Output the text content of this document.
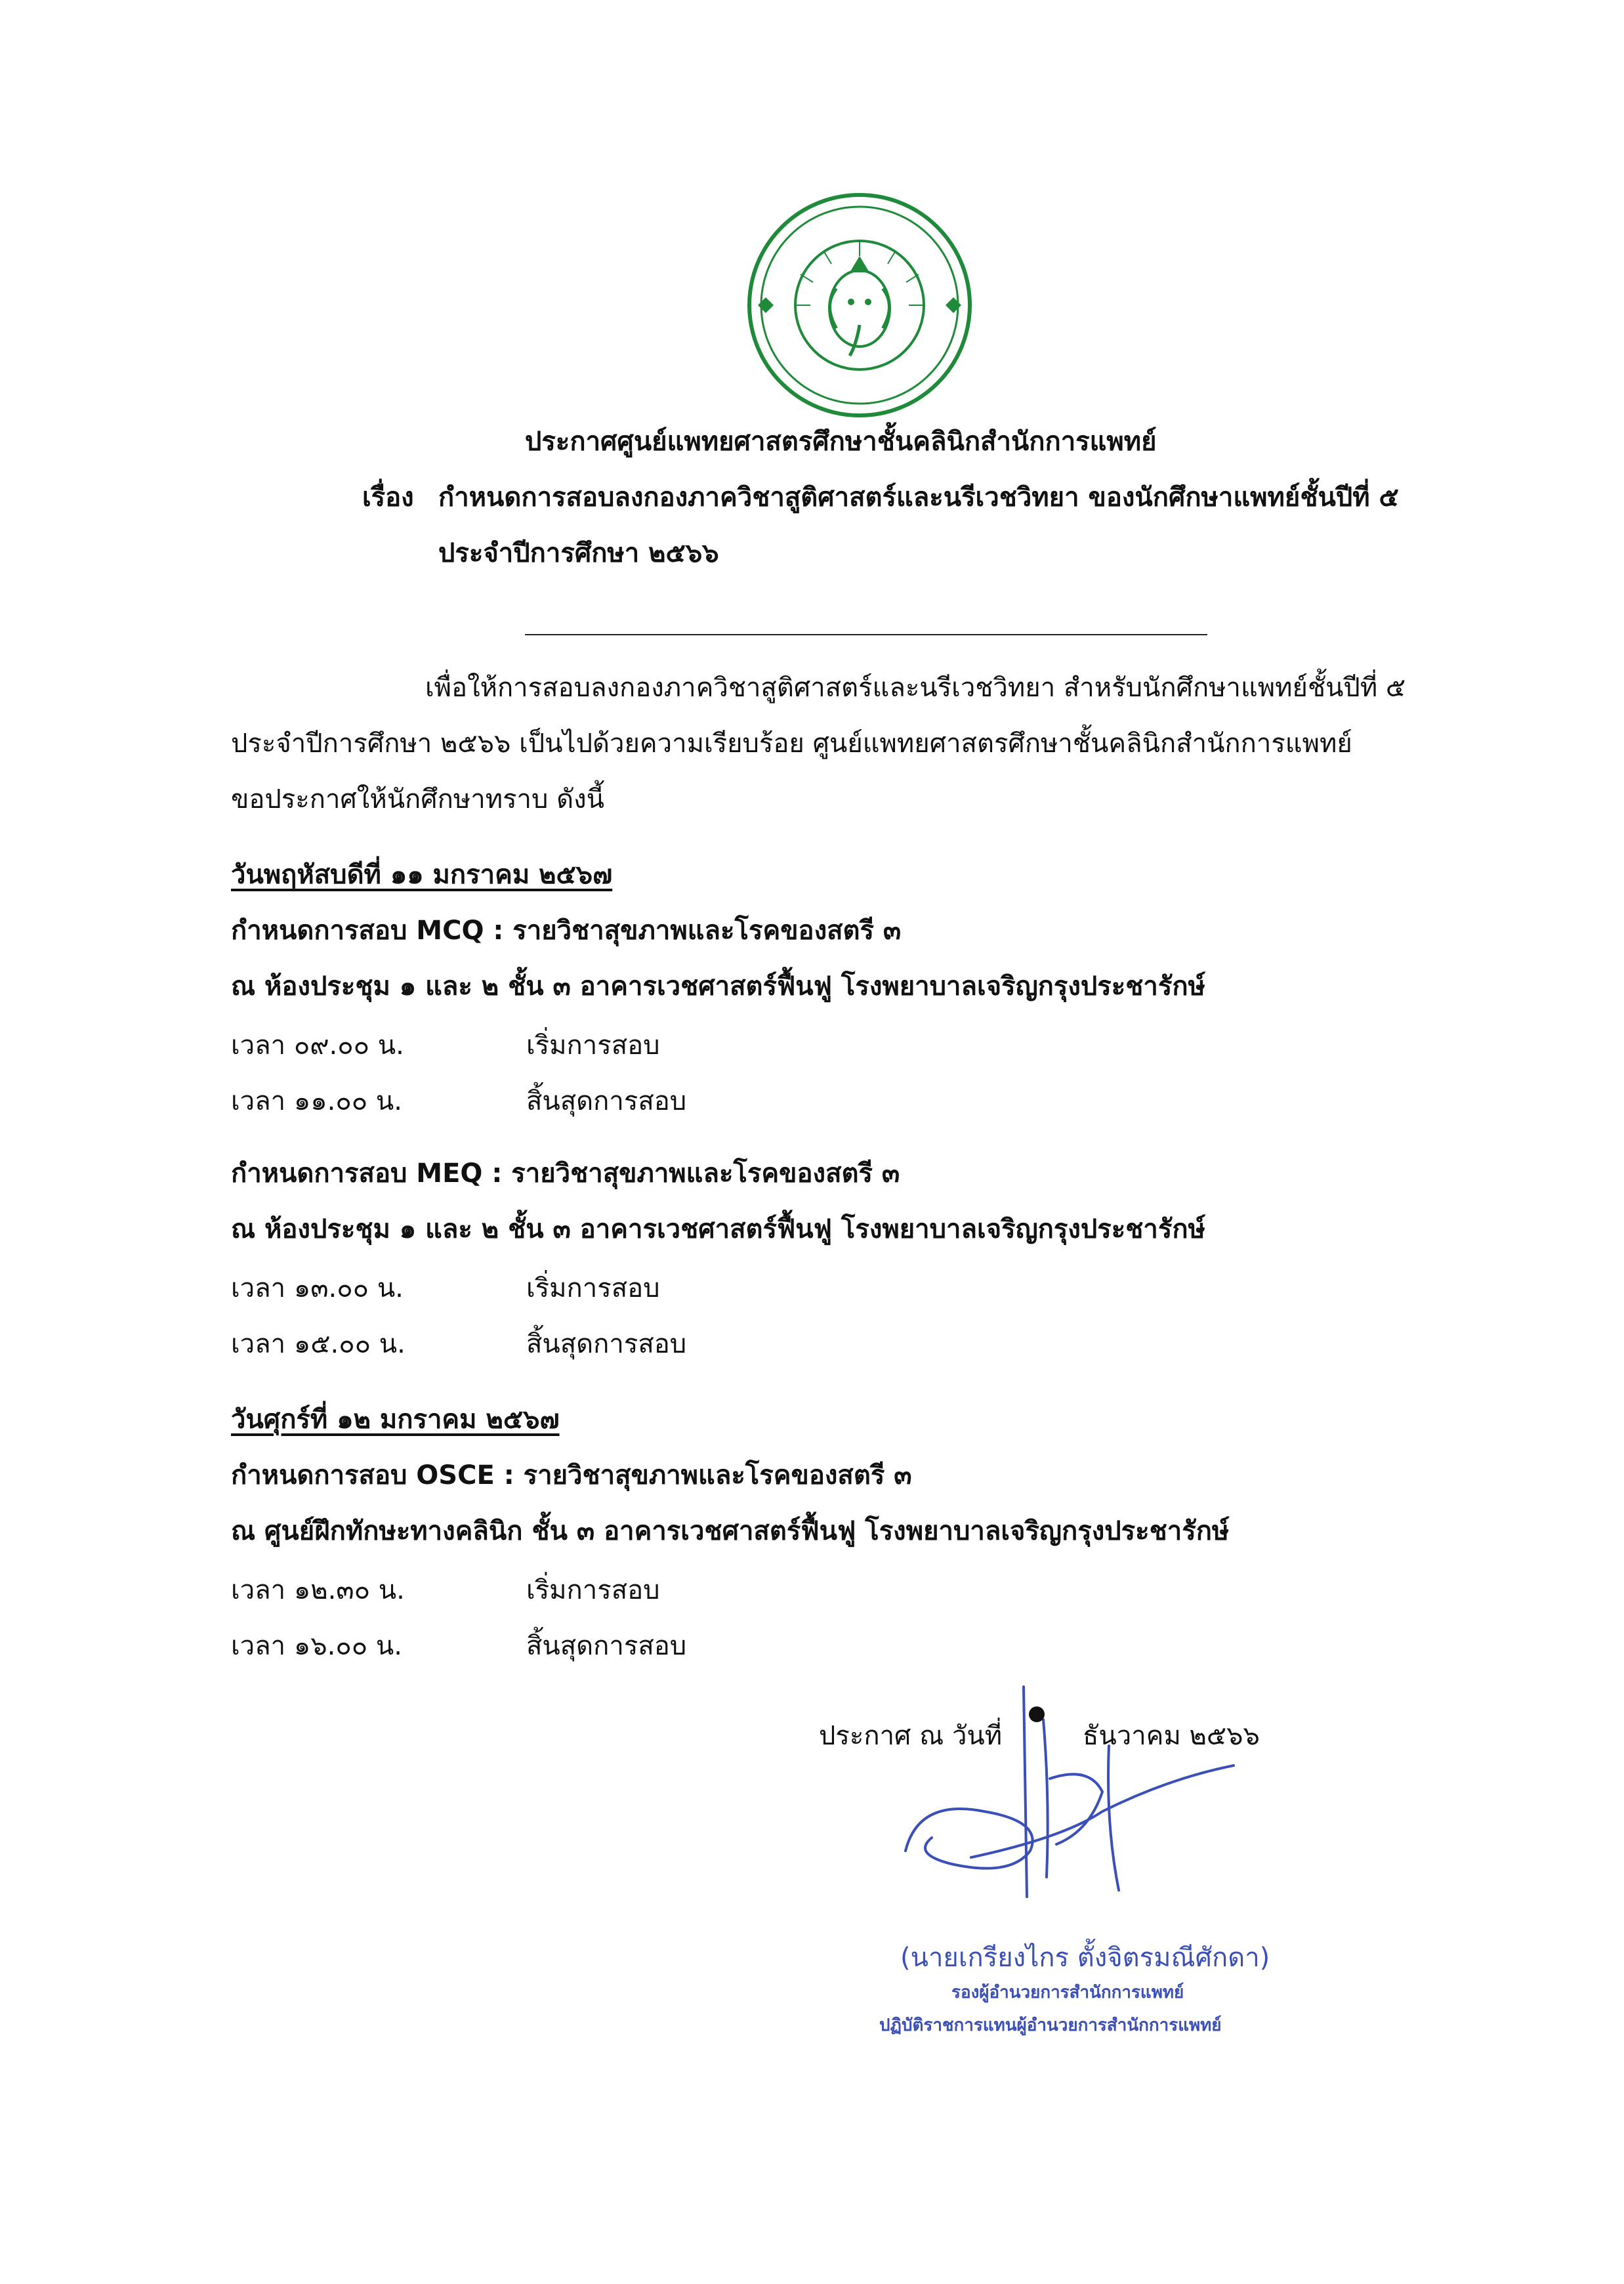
ประกาศศูนย์แพทยศาสตรศึกษาชั้นคลินิกสำนักการแพทย์
เรื่อง กำหนดการสอบลงกองภาควิชาสูติศาสตร์และนรีเวชวิทยา ของนักศึกษาแพทย์ชั้นปีที่ ๕
ประจำปีการศึกษา ๒๕๖๖
เพื่อให้การสอบลงกองภาควิชาสูติศาสตร์และนรีเวชวิทยา สำหรับนักศึกษาแพทย์ชั้นปีที่ ๕
ประจำปีการศึกษา ๒๕๖๖ เป็นไปด้วยความเรียบร้อย ศูนย์แพทยศาสตรศึกษาชั้นคลินิกสำนักการแพทย์
ขอประกาศให้นักศึกษาทราบ ดังนี้
วันพฤหัสบดีที่ ๑๑ มกราคม ๒๕๖๗
กำหนดการสอบ MCQ : รายวิชาสุขภาพและโรคของสตรี ๓
ณ ห้องประชุม ๑ และ ๒ ชั้น ๓ อาคารเวชศาสตร์ฟื้นฟู โรงพยาบาลเจริญกรุงประชารักษ์
เวลา ๐๙.๐๐ น.	เริ่มการสอบ
เวลา ๑๑.๐๐ น.	สิ้นสุดการสอบ
กำหนดการสอบ MEQ : รายวิชาสุขภาพและโรคของสตรี ๓
ณ ห้องประชุม ๑ และ ๒ ชั้น ๓ อาคารเวชศาสตร์ฟื้นฟู โรงพยาบาลเจริญกรุงประชารักษ์
เวลา ๑๓.๐๐ น.	เริ่มการสอบ
เวลา ๑๕.๐๐ น.	สิ้นสุดการสอบ
วันศุกร์ที่ ๑๒ มกราคม ๒๕๖๗
กำหนดการสอบ OSCE : รายวิชาสุขภาพและโรคของสตรี ๓
ณ ศูนย์ฝึกทักษะทางคลินิก ชั้น ๓ อาคารเวชศาสตร์ฟื้นฟู โรงพยาบาลเจริญกรุงประชารักษ์
เวลา ๑๒.๓๐ น.	เริ่มการสอบ
เวลา ๑๖.๐๐ น.	สิ้นสุดการสอบ
ประกาศ ณ วันที่	ธันวาคม ๒๕๖๖
(นายเกรียงไกร ตั้งจิตรมณีศักดา)
รองผู้อำนวยการสำนักการแพทย์
ปฏิบัติราชการแทนผู้อำนวยการสำนักการแพทย์
